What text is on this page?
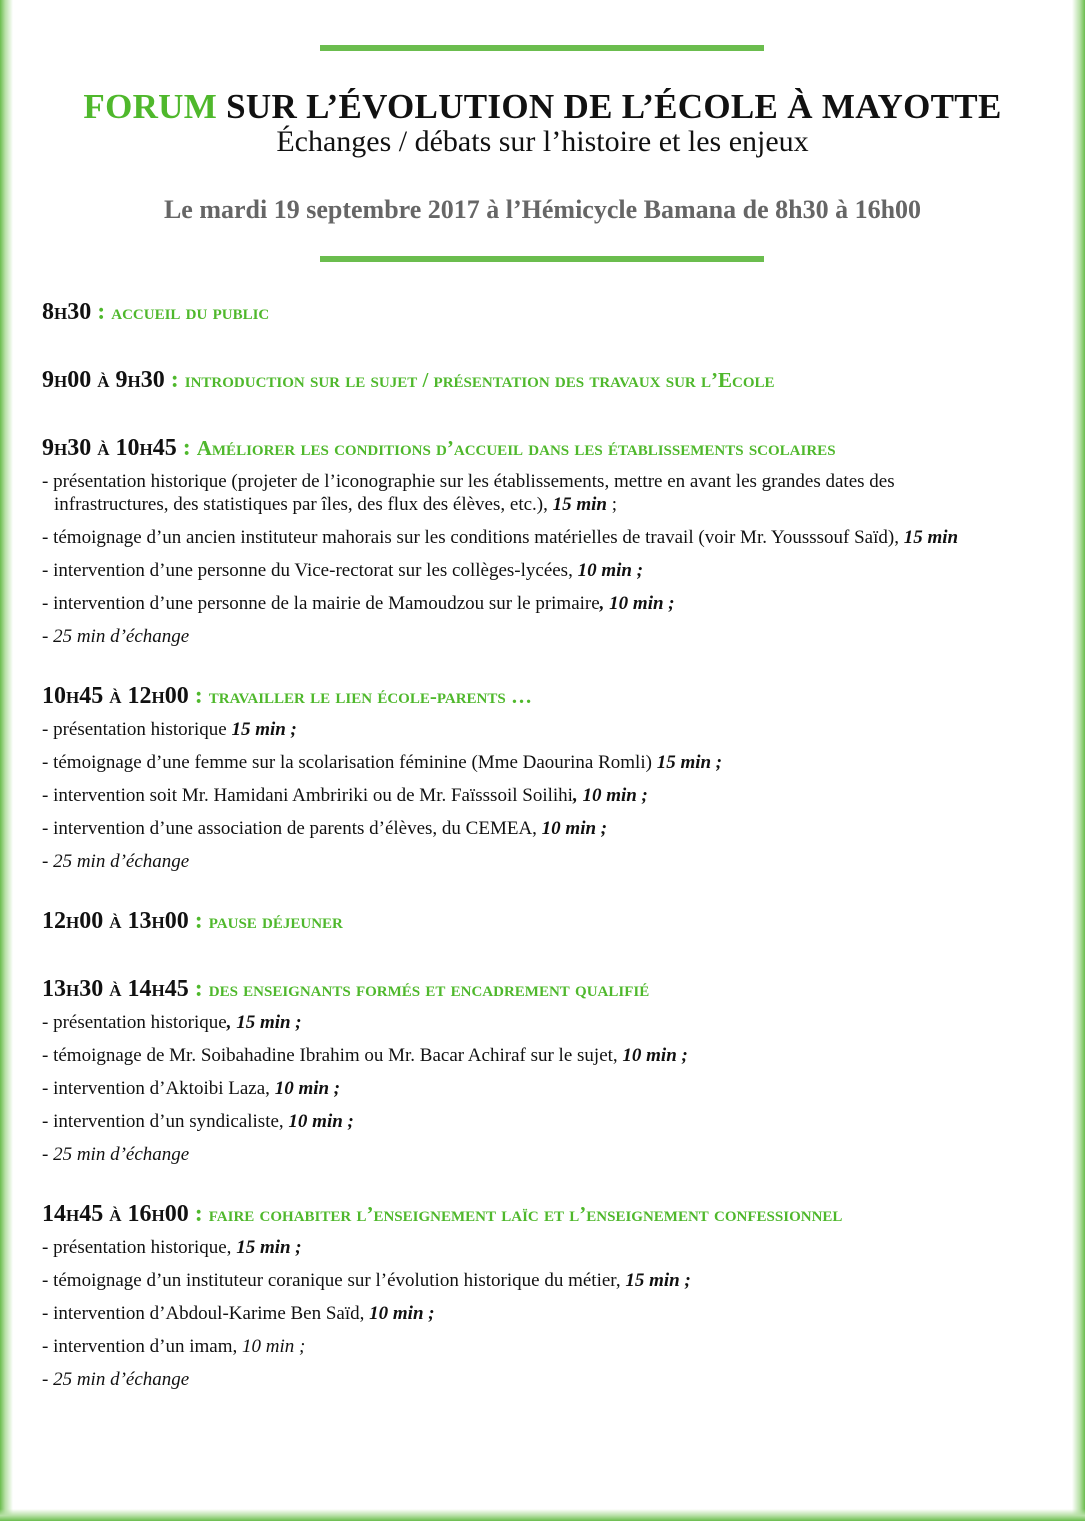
FORUM SUR L’ÉVOLUTION DE L’ÉCOLE À MAYOTTE
Échanges / débats sur l’histoire et les enjeux
Le mardi 19 septembre 2017 à l’Hémicycle Bamana de 8h30 à 16h00
8h30 : accueil du public
9h00 à 9h30 : introduction sur le sujet / présentation des travaux sur l’Ecole
9h30 à 10h45 : Améliorer les conditions d’accueil dans les établissements scolaires
- présentation historique (projeter de l’iconographie sur les établissements, mettre en avant les grandes dates des
infrastructures, des statistiques par îles, des flux des élèves, etc.), 15 min ;
- témoignage d’un ancien instituteur mahorais sur les conditions matérielles de travail (voir Mr. Yousssouf Saïd), 15 min
- intervention d’une personne du Vice-rectorat sur les collèges-lycées, 10 min ;
- intervention d’une personne de la mairie de Mamoudzou sur le primaire, 10 min ;
- 25 min d’échange
10h45 à 12h00 : travailler le lien école-parents …
- présentation historique 15 min ;
- témoignage d’une femme sur la scolarisation féminine (Mme Daourina Romli) 15 min ;
- intervention soit Mr. Hamidani Ambririki ou de Mr. Faïsssoil Soilihi, 10 min ;
- intervention d’une association de parents d’élèves, du CEMEA, 10 min ;
- 25 min d’échange
12h00 à 13h00 : pause déjeuner
13h30 à 14h45 : des enseignants formés et encadrement qualifié
- présentation historique, 15 min ;
- témoignage de Mr. Soibahadine Ibrahim ou Mr. Bacar Achiraf sur le sujet, 10 min ;
- intervention d’Aktoibi Laza, 10 min ;
- intervention d’un syndicaliste, 10 min ;
- 25 min d’échange
14h45 à 16h00 : faire cohabiter l’enseignement laïc et l’enseignement confessionnel
- présentation historique, 15 min ;
- témoignage d’un instituteur coranique sur l’évolution historique du métier, 15 min ;
- intervention d’Abdoul-Karime Ben Saïd, 10 min ;
- intervention d’un imam, 10 min ;
- 25 min d’échange
